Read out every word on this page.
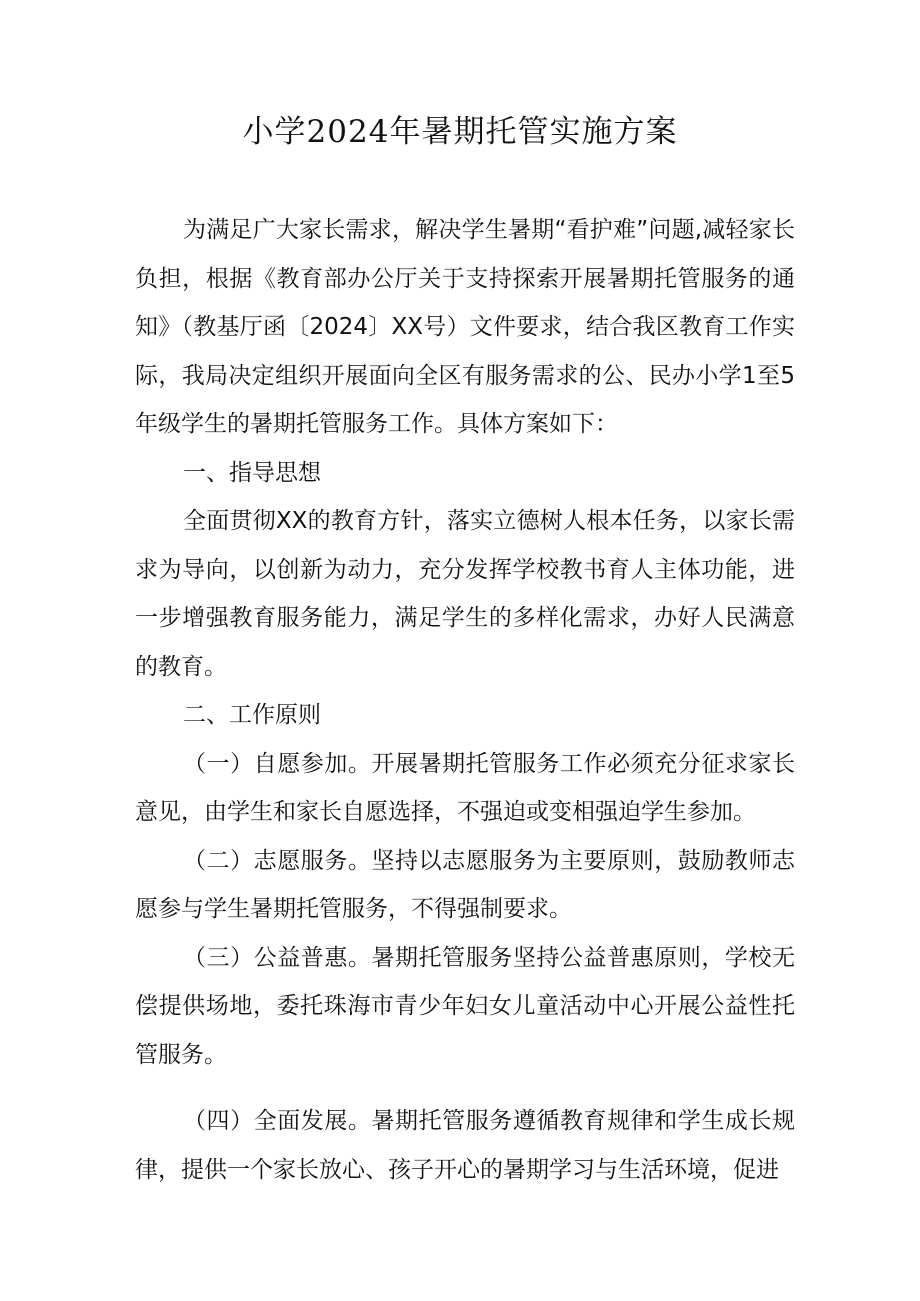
小学2024年暑期托管实施方案

为满足广大家长需求，解决学生暑期“看护难”问题,减轻家长负担，根据《教育部办公厅关于支持探索开展暑期托管服务的通知》（教基厅函〔2024〕XX号）文件要求，结合我区教育工作实际，我局决定组织开展面向全区有服务需求的公、民办小学1至5年级学生的暑期托管服务工作。具体方案如下：

一、指导思想

全面贯彻XX的教育方针，落实立德树人根本任务，以家长需求为导向，以创新为动力，充分发挥学校教书育人主体功能，进一步增强教育服务能力，满足学生的多样化需求，办好人民满意的教育。

二、工作原则

（一）自愿参加。开展暑期托管服务工作必须充分征求家长意见，由学生和家长自愿选择，不强迫或变相强迫学生参加。

（二）志愿服务。坚持以志愿服务为主要原则，鼓励教师志愿参与学生暑期托管服务，不得强制要求。

（三）公益普惠。暑期托管服务坚持公益普惠原则，学校无偿提供场地，委托珠海市青少年妇女儿童活动中心开展公益性托管服务。

（四）全面发展。暑期托管服务遵循教育规律和学生成长规律，提供一个家长放心、孩子开心的暑期学习与生活环境，促进
